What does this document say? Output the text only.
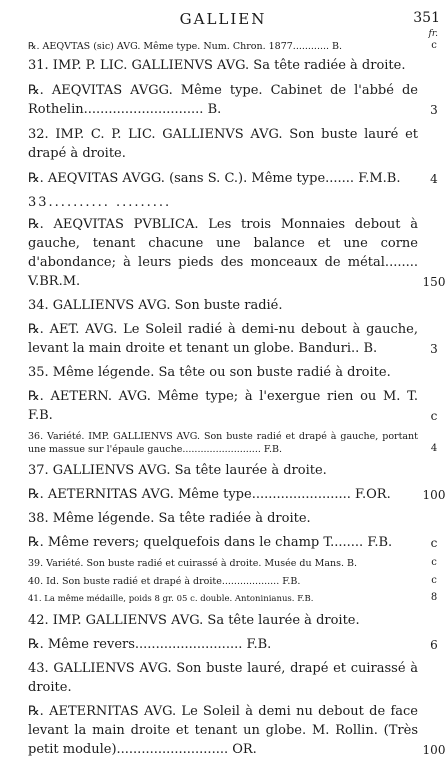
GALLIEN	351
fr.
℞. AEQVTAS (sic) AVG. Même type. Num. Chron. 1877............ B.	c
31. IMP. P. LIC. GALLIENVS AVG. Sa tête radiée à droite.
℞. AEQVITAS AVGG. Même type. Cabinet de l'abbé de Rothelin............................. B.	3
32. IMP. C. P. LIC. GALLIENVS AVG. Son buste lauré et drapé à droite.
℞. AEQVITAS AVGG. (sans S. C.). Même type....... F.M.B.	4
33.......... .........
℞. AEQVITAS PVBLICA. Les trois Monnaies debout à gauche, tenant chacune une balance et une corne d'abondance; à leurs pieds des monceaux de métal........ V.BR.M.	150
34. GALLIENVS AVG. Son buste radié.
℞. AET. AVG. Le Soleil radié à demi-nu debout à gauche, levant la main droite et tenant un globe. Banduri.. B.	3
35. Même légende. Sa tête ou son buste radié à droite.
℞. AETERN. AVG. Même type; à l'exergue rien ou M. T. F.B.	c
36. Variété. IMP. GALLIENVS AVG. Son buste radié et drapé à gauche, portant une massue sur l'épaule gauche.......................... F.B.	4
37. GALLIENVS AVG. Sa tête laurée à droite.
℞. AETERNITAS AVG. Même type........................ F.OR.	100
38. Même légende. Sa tête radiée à droite.
℞. Même revers; quelquefois dans le champ T........ F.B.	c
39. Variété. Son buste radié et cuirassé à droite. Musée du Mans. B.	c
40. Id. Son buste radié et drapé à droite................... F.B.	c
41. La même médaille, poids 8 gr. 05 c. double. Antoninianus. F.B.	8
42. IMP. GALLIENVS AVG. Sa tête laurée à droite.
℞. Même revers.......................... F.B.	6
43. GALLIENVS AVG. Son buste lauré, drapé et cuirassé à droite.
℞. AETERNITAS AVG. Le Soleil à demi nu debout de face levant la main droite et tenant un globe. M. Rollin. (Très petit module)........................... OR.	100
